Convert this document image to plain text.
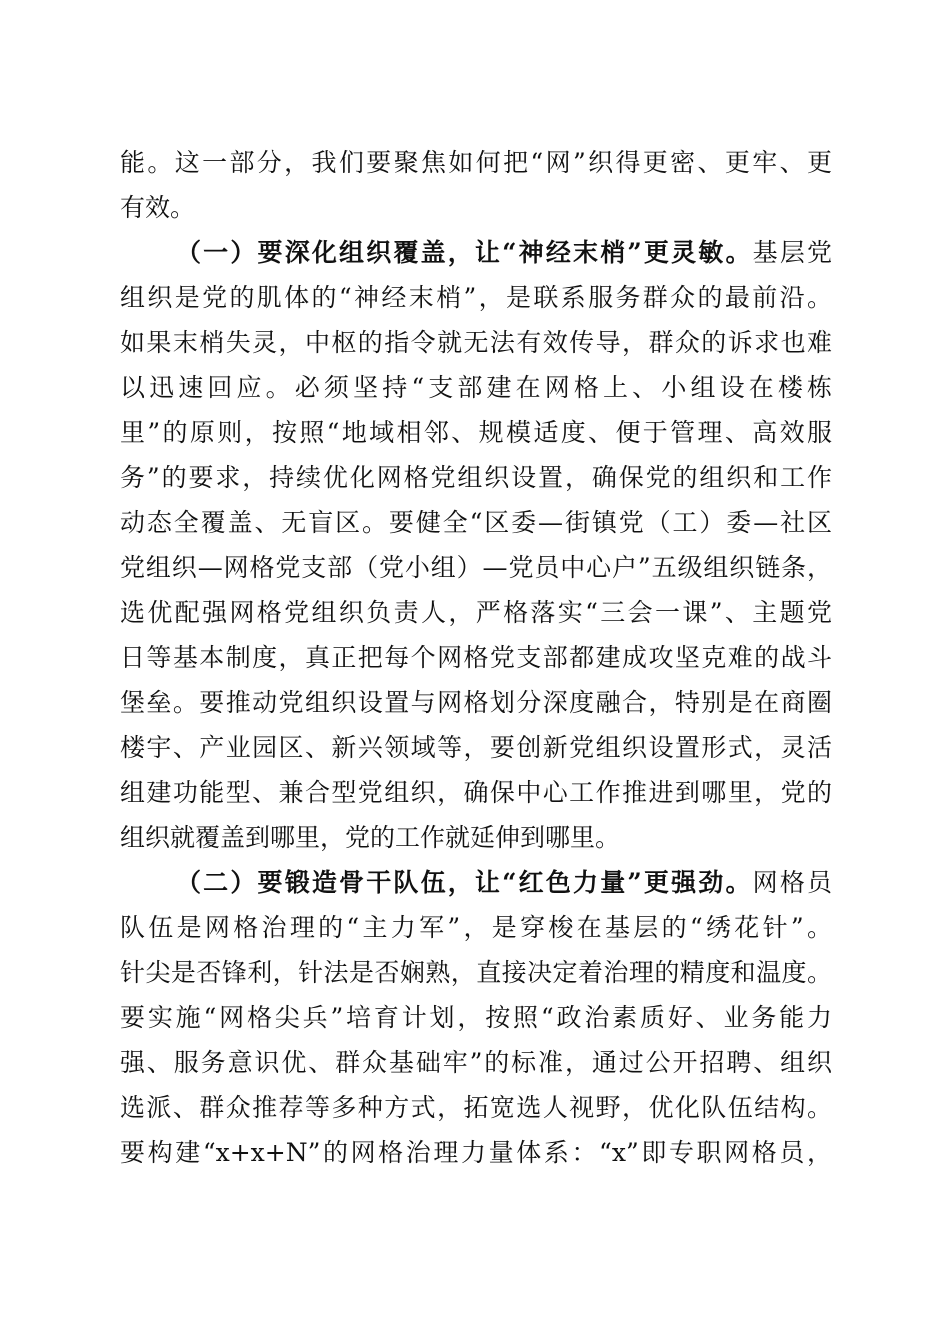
能。这一部分，我们要聚焦如何把“网”织得更密、更牢、更
有效。
（一）要深化组织覆盖，让“神经末梢”更灵敏。基层党
组织是党的肌体的“神经末梢”，是联系服务群众的最前沿。
如果末梢失灵，中枢的指令就无法有效传导，群众的诉求也难
以迅速回应。必须坚持“支部建在网格上、小组设在楼栋
里”的原则，按照“地域相邻、规模适度、便于管理、高效服
务”的要求，持续优化网格党组织设置，确保党的组织和工作
动态全覆盖、无盲区。要健全“区委—街镇党（工）委—社区
党组织—网格党支部（党小组）—党员中心户”五级组织链条，
选优配强网格党组织负责人，严格落实“三会一课”、主题党
日等基本制度，真正把每个网格党支部都建成攻坚克难的战斗
堡垒。要推动党组织设置与网格划分深度融合，特别是在商圈
楼宇、产业园区、新兴领域等，要创新党组织设置形式，灵活
组建功能型、兼合型党组织，确保中心工作推进到哪里，党的
组织就覆盖到哪里，党的工作就延伸到哪里。
（二）要锻造骨干队伍，让“红色力量”更强劲。网格员
队伍是网格治理的“主力军”，是穿梭在基层的“绣花针”。
针尖是否锋利，针法是否娴熟，直接决定着治理的精度和温度。
要实施“网格尖兵”培育计划，按照“政治素质好、业务能力
强、服务意识优、群众基础牢”的标准，通过公开招聘、组织
选派、群众推荐等多种方式，拓宽选人视野，优化队伍结构。
要构建“x+x+N”的网格治理力量体系：“x”即专职网格员，
